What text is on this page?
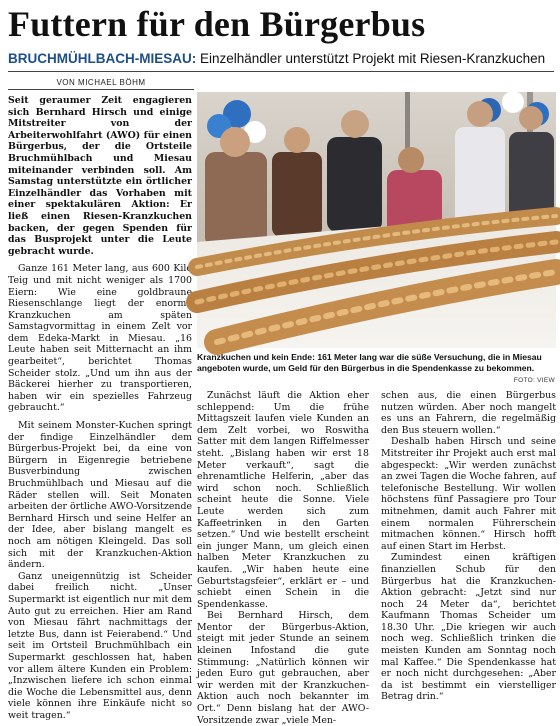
Futtern für den Bürgerbus
BRUCHMÜHLBACH-MIESAU: Einzelhändler unterstützt Projekt mit Riesen-Kranzkuchen
VON MICHAEL BÖHM

Seit geraumer Zeit engagieren sich Bernhard Hirsch und einige Mitstreiter von der Arbeiterwohlfahrt (AWO) für einen Bürgerbus, der die Ortsteile Bruchmühlbach und Miesau miteinander verbinden soll. Am Samstag unterstützte ein örtlicher Einzelhändler das Vorhaben mit einer spektakulären Aktion: Er ließ einen Riesen-Kranzkuchen backen, der gegen Spenden für das Busprojekt unter die Leute gebracht wurde.

Ganze 161 Meter lang, aus 600 Kilo Teig und mit nicht weniger als 1700 Eiern: Wie eine goldbraune Riesenschlange liegt der enorme Kranzkuchen am späten Samstagvormittag in einem Zelt vor dem Edeka-Markt in Miesau. „16 Leute haben seit Mitternacht an ihm gearbeitet“, berichtet Thomas Scheider stolz. „Und um ihn aus der Bäckerei hierher zu transportieren, haben wir ein spezielles Fahrzeug gebraucht.“

Mit seinem Monster-Kuchen springt der findige Einzelhändler dem Bürgerbus-Projekt bei, da eine von Bürgern in Eigenregie betriebene Busverbindung zwischen Bruchmühlbach und Miesau auf die Räder stellen will. Seit Monaten arbeiten der örtliche AWO-Vorsitzende Bernhard Hirsch und seine Helfer an der Idee, aber bislang mangelt es noch am nötigen Kleingeld. Das soll sich mit der Kranzkuchen-Aktion ändern.

Ganz uneigennützig ist Scheider dabei freilich nicht. „Unser Supermarkt ist eigentlich nur mit dem Auto gut zu erreichen. Hier am Rand von Miesau fährt nachmittags der letzte Bus, dann ist Feierabend.“ Und seit im Ortsteil Bruchmühlbach ein Supermarkt geschlossen hat, haben vor allem ältere Kunden ein Problem: „Inzwischen liefere ich schon einmal die Woche die Lebensmittel aus, denn viele können ihre Einkäufe nicht so weit tragen.“

Kranzkuchen und kein Ende: 161 Meter lang war die süße Versuchung, die in Miesau angeboten wurde, um Geld für den Bürgerbus in die Spendenkasse zu bekommen.
FOTO: VIEW

Zunächst läuft die Aktion eher schleppend: Um die frühe Mittagszeit laufen viele Kunden an dem Zelt vorbei, wo Roswitha Satter mit dem langen Riffelmesser steht. „Bislang haben wir erst 18 Meter verkauft“, sagt die ehrenamtliche Helferin, „aber das wird schon noch. Schließlich scheint heute die Sonne. Viele Leute werden sich zum Kaffeetrinken in den Garten setzen.“ Und wie bestellt erscheint ein junger Mann, um gleich einen halben Meter Kranzkuchen zu kaufen. „Wir haben heute eine Geburtstagsfeier“, erklärt er – und schiebt einen Schein in die Spendenkasse.

Bei Bernhard Hirsch, dem Mentor der Bürgerbus-Aktion, steigt mit jeder Stunde an seinem kleinen Infostand die gute Stimmung: „Natürlich können wir jeden Euro gut gebrauchen, aber wir werden mit der Kranzkuchen-Aktion auch noch bekannter im Ort.“ Denn bislang hat der AWO-Vorsitzende zwar „viele Men-

schen aus, die einen Bürgerbus nutzen würden. Aber noch mangelt es uns an Fahrern, die regelmäßig den Bus steuern wollen.“

Deshalb haben Hirsch und seine Mitstreiter ihr Projekt auch erst mal abgespeckt: „Wir werden zunächst an zwei Tagen die Woche fahren, auf telefonische Bestellung. Wir wollen höchstens fünf Passagiere pro Tour mitnehmen, damit auch Fahrer mit einem normalen Führerschein mitmachen können.“ Hirsch hofft auf einen Start im Herbst.

Zumindest einen kräftigen finanziellen Schub für den Bürgerbus hat die Kranzkuchen-Aktion gebracht: „Jetzt sind nur noch 24 Meter da“, berichtet Kaufmann Thomas Scheider um 18.30 Uhr. „Die kriegen wir auch noch weg. Schließlich trinken die meisten Kunden am Sonntag noch mal Kaffee.“ Die Spendenkasse hat er noch nicht durchgesehen: „Aber da ist bestimmt ein vierstelliger Betrag drin.“
